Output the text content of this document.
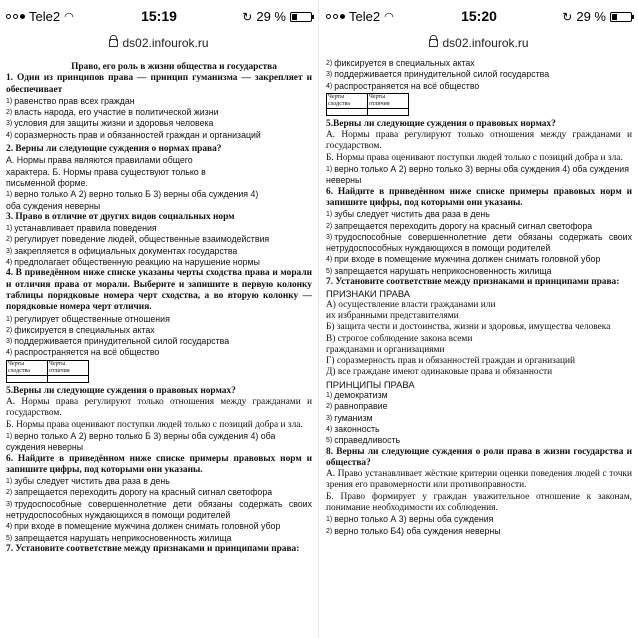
Tele2 ◠	15:19	↻ 29 %
ds02.infourok.ru

Право, его роль в жизни общества и государства

1. Один из принципов права — принцип гуманизма — закрепляет и обеспечивает

1) равенство прав всех граждан

2) власть народа, его участие в политической жизни

3) условия для защиты жизни и здоровья человека

4) соразмерность прав и обязанностей граждан и организаций

2. Верны ли следующие суждения о нормах права?

А. Нормы права являются правилами общего

характера. Б. Нормы права существуют только в

письменной форме.

1) верно только А 2) верно только Б 3) верны оба суждения 4)

оба суждения неверны

3. Право в отличие от других видов социальных норм

1) устанавливает правила поведения

2) регулирует поведение людей, общественные взаимодействия

3) закрепляется в официальных документах государства

4) предполагает общественную реакцию на нарушение нормы

4. В приведённом ниже списке указаны черты сходства права и морали и отличия права от морали. Выберите и запишите в первую колонку таблицы порядковые номера черт сходства, а во вторую колонку — порядковые номера черт отличия.

1) регулирует общественные отношения

2) фиксируется в специальных актах

3) поддерживается принудительной силой государства

4) распространяется на всё общество

Черты сходства	Черты отличия

5.Верны ли следующие суждения о правовых нормах?

А. Нормы права регулируют только отношения между гражданами и государством.

Б. Нормы права оценивают поступки людей только с позиций добра и зла.

1) верно только А 2) верно только Б 3) верны оба суждения 4) оба суждения неверны

6. Найдите в приведённом ниже списке примеры правовых норм и запишите цифры, под которыми они указаны.

1) зубы следует чистить два раза в день

2) запрещается переходить дорогу на красный сигнал светофора

3) трудоспособные совершеннолетние дети обязаны содержать своих нетрудоспособных нуждающихся в помощи родителей

4) при входе в помещение мужчина должен снимать головной убор

5) запрещается нарушать неприкосновенность жилища

7. Установите соответствие между признаками и принципами права:

Tele2 ◠	15:20	↻ 29 %
ds02.infourok.ru

2) фиксируется в специальных актах

3) поддерживается принудительной силой государства

4) распространяется на всё общество

Черты сходства	Черты отличия

5.Верны ли следующие суждения о правовых нормах?

А. Нормы права регулируют только отношения между гражданами и государством.

Б. Нормы права оценивают поступки людей только с позиций добра и зла.

1) верно только А 2) верно только 3) верны оба суждения 4) оба суждения неверны

6. Найдите в приведённом ниже списке примеры правовых норм и запишите цифры, под которыми они указаны.

1) зубы следует чистить два раза в день

2) запрещается переходить дорогу на красный сигнал светофора

3) трудоспособные совершеннолетние дети обязаны содержать своих нетрудоспособных нуждающихся в помощи родителей

4) при входе в помещение мужчина должен снимать головной убор

5) запрещается нарушать неприкосновенность жилища

7. Установите соответствие между признаками и принципами права:

ПРИЗНАКИ ПРАВА

А) осуществление власти гражданами или

их избранными представителями

Б) защита чести и достоинства, жизни и здоровья, имущества человека

В) строгое соблюдение закона всеми

гражданами и организациями

Г) соразмерность прав и обязанностей граждан и организаций

Д) все граждане имеют одинаковые права и обязанности

ПРИНЦИПЫ ПРАВА

1) демократизм

2) равноправие

3) гуманизм

4) законность

5) справедливость

8. Верны ли следующие суждения о роли права в жизни государства и общества?

А. Право устанавливает жёсткие критерии оценки поведения людей с точки зрения его правомерности или противоправности.

Б. Право формирует у граждан уважительное отношение к законам, понимание необходимости их соблюдения.

1) верно только А 3) верны оба суждения

2) верно только Б4) оба суждения неверны
